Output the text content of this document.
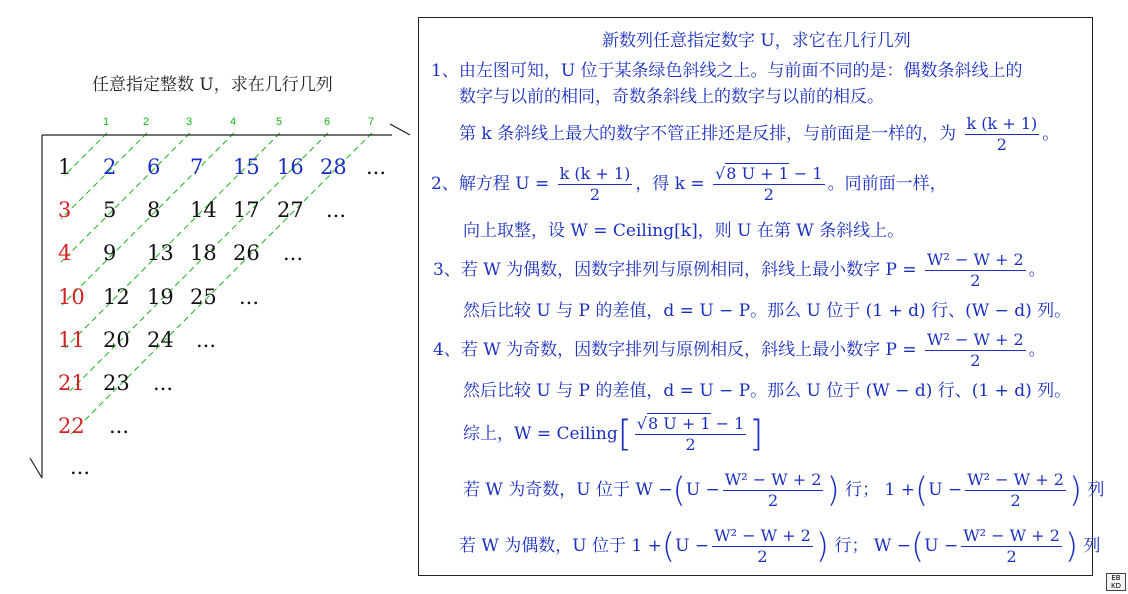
任意指定整数 U，求在几行几列
1	2	3	4	5	6	7
1 2 6 7 15 16 28 ...
3 5 8 14 17 27 ...
4 9 13 18 26 ...
10 12 19 25 ...
11 20 24 ...
21 23 ...
22 ...
...
新数列任意指定数字 U，求它在几行几列
1、由左图可知，U 位于某条绿色斜线之上。与前面不同的是：偶数条斜线上的
数字与以前的相同，奇数条斜线上的数字与以前的相反。
第 k 条斜线上最大的数字不管正排还是反排，与前面是一样的，为 $\frac{k (k + 1)}{2}$ 。
2、解方程 $U = \frac{k (k + 1)}{2}$ ，得 $k = \frac{√8 U + 1 - 1}{2}$ 。同前面一样，
向上取整，设 W = Ceiling[k]，则 U 在第 W 条斜线上。
3、若 W 为偶数，因数字排列与原例相同，斜线上最小数字 $P = \frac{\text{W² − W + 2}}{2}$ 。
然后比较 U 与 P 的差值，d = U − P。那么 U 位于 (1 + d) 行、(W − d) 列。
4、若 W 为奇数，因数字排列与原例相反，斜线上最小数字 $P = \frac{\text{W² − W + 2}}{2}$ 。
然后比较 U 与 P 的差值，d = U − P。那么 U 位于 (W − d) 行、(1 + d) 列。
综上，W = Ceiling[ $\frac{√8 U + 1 - 1}{2}$ ]
若 W 为奇数，U 位于 $W -(U - \frac{\text{W² − W + 2}}{2}$ ) 行； $1 +(U - \frac{\text{W² − W + 2}}{2}$ ) 列
若 W 为偶数，U 位于 $1 +(U - \frac{\text{W² − W + 2}}{2}$ ) 行； $W -(U - \frac{\text{W² − W + 2}}{2}$ ) 列
EB
KD
